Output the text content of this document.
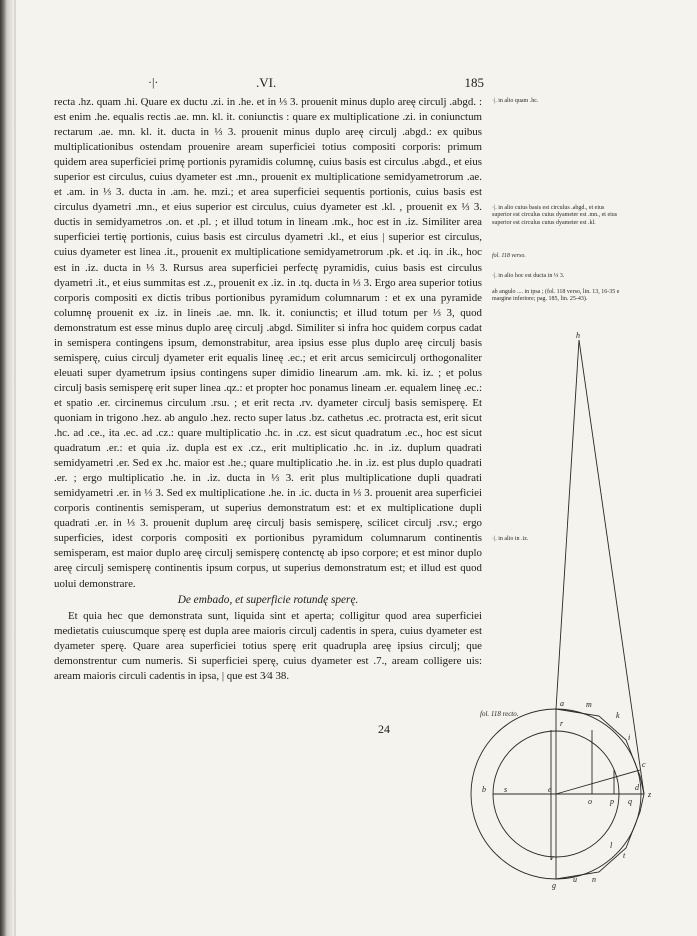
·|·	.VI.	185

recta .hz. quam .hi. Quare ex ductu .zi. in .he. et in ⅓ 3. prouenit minus duplo areę circulj .abgd. : est enim .he. equalis rectis .ae. mn. kl. it. coniunctis : quare ex multiplicatione .zi. in coniunctum rectarum .ae. mn. kl. it. ducta in ⅓ 3. prouenit minus duplo areę circulj .abgd.: ex quibus multiplicationibus ostendam prouenire aream superficiei totius compositi corporis: primum quidem area superficiei primę portionis pyramidis columnę, cuius basis est circulus .abgd., et eius superior est circulus, cuius dyameter est .mn., prouenit ex multiplicatione semidyametrorum .ae. et .am. in ⅓ 3. ducta in .am. he. mzi.; et area superficiei sequentis portionis, cuius basis est circulus dyametri .mn., et eius superior est circulus, cuius dyameter est .kl. , prouenit ex ⅓ 3. ductis in semidyametros .on. et .pl. ; et illud totum in lineam .mk., hoc est in .iz. Similiter area superficiei tertię portionis, cuius basis est circulus dyametri .kl., et eius | superior est circulus, cuius dyameter est linea .it., prouenit ex multiplicatione semidyametrorum .pk. et .iq. in .ik., hoc est in .iz. ducta in ⅓ 3. Rursus area superficiei perfectę pyramidis, cuius basis est circulus dyametri .it., et eius summitas est .z., prouenit ex .iz. in .tq. ducta in ⅓ 3. Ergo area superior totius corporis compositi ex dictis tribus portionibus pyramidum columnarum : et ex una pyramide columnę prouenit ex .iz. in lineis .ae. mn. lk. it. coniunctis; et illud totum per ⅓ 3, quod demonstratum est esse minus duplo areę circulj .abgd. Similiter si infra hoc quidem corpus cadat in semispera contingens ipsum, demonstrabitur, area ipsius esse plus duplo areę circulj basis semisperę, cuius circulj dyameter erit equalis lineę .ec.; et erit arcus semicirculj orthogonaliter eleuati super dyametrum ipsius contingens super dimidio linearum .am. mk. ki. iz. ; et polus circulj basis semisperę erit super linea .qz.: et propter hoc ponamus lineam .er. equalem lineę .ec.: et spatio .er. circinemus circulum .rsu. ; et erit recta .rv. dyameter circulj basis semisperę. Et quoniam in trigono .hez. ab angulo .hez. recto super latus .bz. cathetus .ec. protracta est, erit sicut .hc. ad .ce., ita .ec. ad .cz.: quare multiplicatio .hc. in .cz. est sicut quadratum .ec., hoc est sicut quadratum .er.: et quia .iz. dupla est ex .cz., erit multiplicatio .hc. in .iz. duplum quadrati semidyametri .er. Sed ex .hc. maior est .he.; quare multiplicatio .he. in .iz. est plus duplo quadrati .er. ; ergo multiplicatio .he. in .iz. ducta in ⅓ 3. erit plus multiplicatione dupli quadrati semidyametri .er. in ⅓ 3. Sed ex multiplicatione .he. in .ic. ducta in ⅓ 3. prouenit area superficiei corporis continentis semisperam, ut superius demonstratum est: et ex multiplicatione dupli quadrati .er. in ⅓ 3. prouenit duplum areę circulj basis semisperę, scilicet circulj .rsv.; ergo superficies, idest corporis compositi ex portionibus pyramidum columnarum continentis semisperam, est maior duplo areę circulj semisperę contenctę ab ipso corpore; et est minor duplo areę circulj semisperę continentis ipsum corpus, ut superius demonstratum est; et illud est quod uolui demonstrare.

De embado, et superficie rotundę sperę.

Et quia hec que demonstrata sunt, liquida sint et aperta; colligitur quod area superficiei medietatis cuiuscumque sperę est dupla aree maioris circulj cadentis in spera, cuius dyameter est dyameter sperę. Quare area superficiei totius sperę erit quadrupla areę ipsius circulj; que demonstrentur cum numeris. Si superficiei sperę, cuius dyameter est .7., aream colligere uis: aream maioris circuli cadentis in ipsa, | que est 3⁄4 38.

24
·|. in alio quam .hc.
·|. in alio cuius basis est circulus .abgd., et eius superior est circulus cuius dyameter est .mn., et eius superior est circulus cuius dyameter est .kl.
fol. 118 verso.
·|. in alio hoc est ducta in ⅓ 3.
ab angulo .... in ipsa ; (fol. 118 verso, lin. 13, 16-35 e margine inferiore; pag. 185, lin. 25-43).
·|. in alio in .iz.
fol. 118 recto.
h
a	m
r
k
i
c
b s	e
o p q
d
z
v
l
t
g
u n
